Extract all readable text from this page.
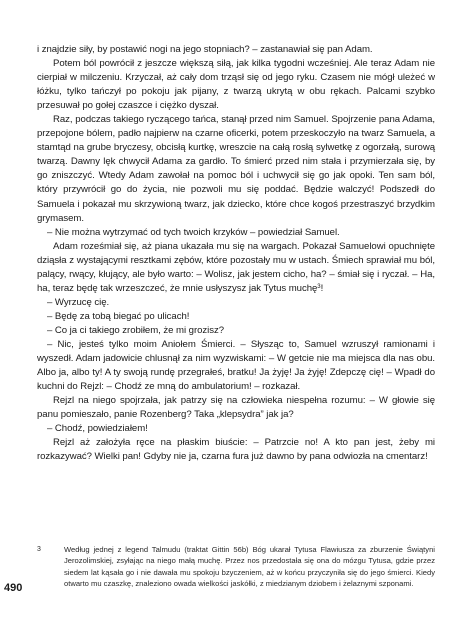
i znajdzie siły, by postawić nogi na jego stopniach? – zastanawiał się pan Adam.

Potem ból powrócił z jeszcze większą siłą, jak kilka tygodni wcześniej. Ale teraz Adam nie cierpiał w milczeniu. Krzyczał, aż cały dom trząsł się od jego ryku. Czasem nie mógł uleżeć w łóżku, tylko tańczył po pokoju jak pijany, z twarzą ukrytą w obu rękach. Palcami szybko przesuwał po gołej czaszce i ciężko dyszał.

Raz, podczas takiego ryczącego tańca, stanął przed nim Samuel. Spojrzenie pana Adama, przepojone bólem, padło najpierw na czarne oficerki, potem przeskoczyło na twarz Samuela, a stamtąd na grube bryczesy, obcisłą kurtkę, wreszcie na całą rosłą sylwetkę z ogorzałą, surową twarzą. Dawny lęk chwycił Adama za gardło. To śmierć przed nim stała i przymierzała się, by go zniszczyć. Wtedy Adam zawołał na pomoc ból i uchwycił się go jak opoki. Ten sam ból, który przywrócił go do życia, nie pozwoli mu się poddać. Będzie walczyć! Podszedł do Samuela i pokazał mu skrzywioną twarz, jak dziecko, które chce kogoś przestraszyć brzydkim grymasem.

– Nie można wytrzymać od tych twoich krzyków – powiedział Samuel.

Adam roześmiał się, aż piana ukazała mu się na wargach. Pokazał Samuelowi opuchnięte dziąsła z wystającymi resztkami zębów, które pozostały mu w ustach. Śmiech sprawiał mu ból, palący, rwący, kłujący, ale było warto: – Wolisz, jak jestem cicho, ha? – śmiał się i ryczał. – Ha, ha, teraz będę tak wrzeszczeć, że mnie usłyszysz jak Tytus muchę$^3$!

– Wyrzucę cię.

– Będę za tobą biegać po ulicach!

– Co ja ci takiego zrobiłem, że mi grozisz?

– Nic, jesteś tylko moim Aniołem Śmierci. – Słysząc to, Samuel wzruszył ramionami i wyszedł. Adam jadowicie chlusnął za nim wyzwiskami: – W getcie nie ma miejsca dla nas obu. Albo ja, albo ty! A ty swoją rundę przegrałeś, bratku! Ja żyję! Ja żyję! Zdepczę cię! – Wpadł do kuchni do Rejzl: – Chodź ze mną do ambulatorium! – rozkazał.

Rejzl na niego spojrzała, jak patrzy się na człowieka niespełna rozumu: – W głowie się panu pomieszało, panie Rozenberg? Taka „klepsydra” jak ja?

– Chodź, powiedziałem!

Rejzl aż założyła ręce na płaskim biuście: – Patrzcie no! A kto pan jest, żeby mi rozkazywać? Wielki pan! Gdyby nie ja, czarna fura już dawno by pana odwiozła na cmentarz!

3	Według jednej z legend Talmudu (traktat Gittin 56b) Bóg ukarał Tytusa Flawiusza za zburzenie Świątyni Jerozolimskiej, zsyłając na niego małą muchę. Przez nos przedostała się ona do mózgu Tytusa, gdzie przez siedem lat kąsała go i nie dawała mu spokoju bzyczeniem, aż w końcu przyczyniła się do jego śmierci. Kiedy otwarto mu czaszkę, znaleziono owada wielkości jaskółki, z miedzianym dziobem i żelaznymi szponami.
490
